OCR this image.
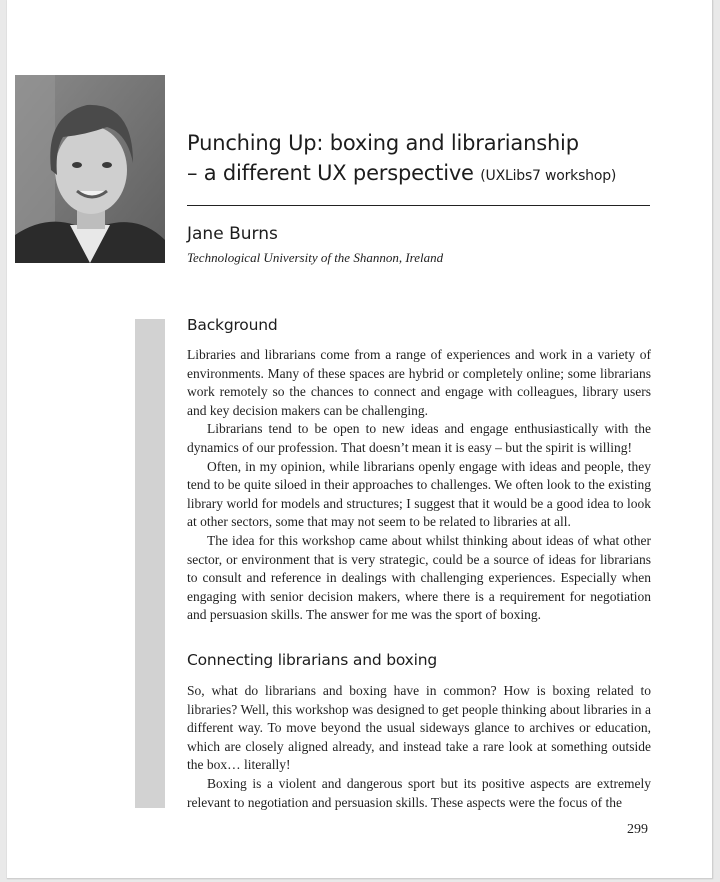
Punching Up: boxing and librarianship
– a different UX perspective (UXLibs7 workshop)

Jane Burns

Technological University of the Shannon, Ireland

Background

Libraries and librarians come from a range of experiences and work in a variety of environments. Many of these spaces are hybrid or completely online; some librarians work remotely so the chances to connect and engage with colleagues, library users and key decision makers can be challenging.

Librarians tend to be open to new ideas and engage enthusiastically with the dynamics of our profession. That doesn’t mean it is easy – but the spirit is willing!

Often, in my opinion, while librarians openly engage with ideas and people, they tend to be quite siloed in their approaches to challenges. We often look to the existing library world for models and structures; I suggest that it would be a good idea to look at other sectors, some that may not seem to be related to libraries at all.

The idea for this workshop came about whilst thinking about ideas of what other sector, or environment that is very strategic, could be a source of ideas for librarians to consult and reference in dealings with challenging experiences. Especially when engaging with senior decision makers, where there is a requirement for negotiation and persuasion skills. The answer for me was the sport of boxing.

Connecting librarians and boxing

So, what do librarians and boxing have in common? How is boxing related to libraries? Well, this workshop was designed to get people thinking about libraries in a different way. To move beyond the usual sideways glance to archives or education, which are closely aligned already, and instead take a rare look at something outside the box… literally!

Boxing is a violent and dangerous sport but its positive aspects are extremely relevant to negotiation and persuasion skills. These aspects were the focus of the

299
